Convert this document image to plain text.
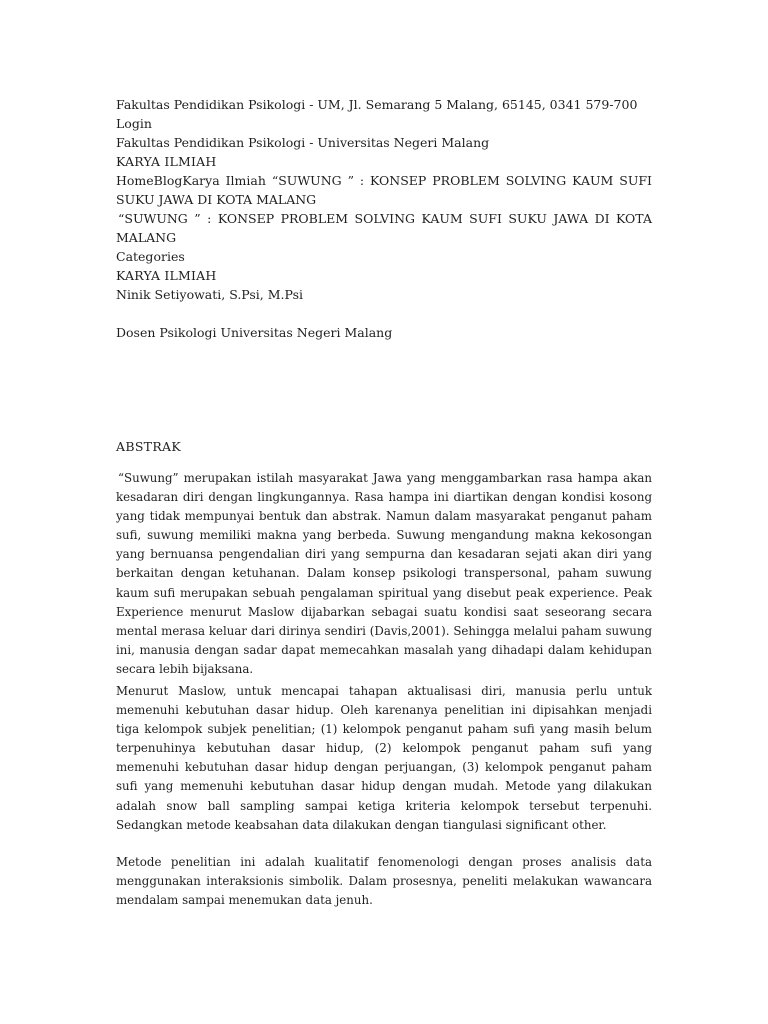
Fakultas Pendidikan Psikologi - UM, Jl. Semarang 5 Malang, 65145, 0341 579-700
Login
Fakultas Pendidikan Psikologi - Universitas Negeri Malang
KARYA ILMIAH
HomeBlogKarya Ilmiah “SUWUNG ” : KONSEP PROBLEM SOLVING KAUM SUFI SUKU JAWA DI KOTA MALANG
“SUWUNG ” : KONSEP PROBLEM SOLVING KAUM SUFI SUKU JAWA DI KOTA MALANG
Categories
KARYA ILMIAH
Ninik Setiyowati, S.Psi, M.Psi
Dosen Psikologi Universitas Negeri Malang
ABSTRAK

“Suwung” merupakan istilah masyarakat Jawa yang menggambarkan rasa hampa akan kesadaran diri dengan lingkungannya. Rasa hampa ini diartikan dengan kondisi kosong yang tidak mempunyai bentuk dan abstrak. Namun dalam masyarakat penganut paham sufi, suwung memiliki makna yang berbeda. Suwung mengandung makna kekosongan yang bernuansa pengendalian diri yang sempurna dan kesadaran sejati akan diri yang berkaitan dengan ketuhanan. Dalam konsep psikologi transpersonal, paham suwung kaum sufi merupakan sebuah pengalaman spiritual yang disebut peak experience. Peak Experience menurut Maslow dijabarkan sebagai suatu kondisi saat seseorang secara mental merasa keluar dari dirinya sendiri (Davis,2001). Sehingga melalui paham suwung ini, manusia dengan sadar dapat memecahkan masalah yang dihadapi dalam kehidupan secara lebih bijaksana.

Menurut Maslow, untuk mencapai tahapan aktualisasi diri, manusia perlu untuk memenuhi kebutuhan dasar hidup. Oleh karenanya penelitian ini dipisahkan menjadi tiga kelompok subjek penelitian; (1) kelompok penganut paham sufi yang masih belum terpenuhinya kebutuhan dasar hidup, (2) kelompok penganut paham sufi yang memenuhi kebutuhan dasar hidup dengan perjuangan, (3) kelompok penganut paham sufi yang memenuhi kebutuhan dasar hidup dengan mudah. Metode yang dilakukan adalah snow ball sampling sampai ketiga kriteria kelompok tersebut terpenuhi. Sedangkan metode keabsahan data dilakukan dengan tiangulasi significant other.

Metode penelitian ini adalah kualitatif fenomenologi dengan proses analisis data menggunakan interaksionis simbolik. Dalam prosesnya, peneliti melakukan wawancara mendalam sampai menemukan data jenuh.
